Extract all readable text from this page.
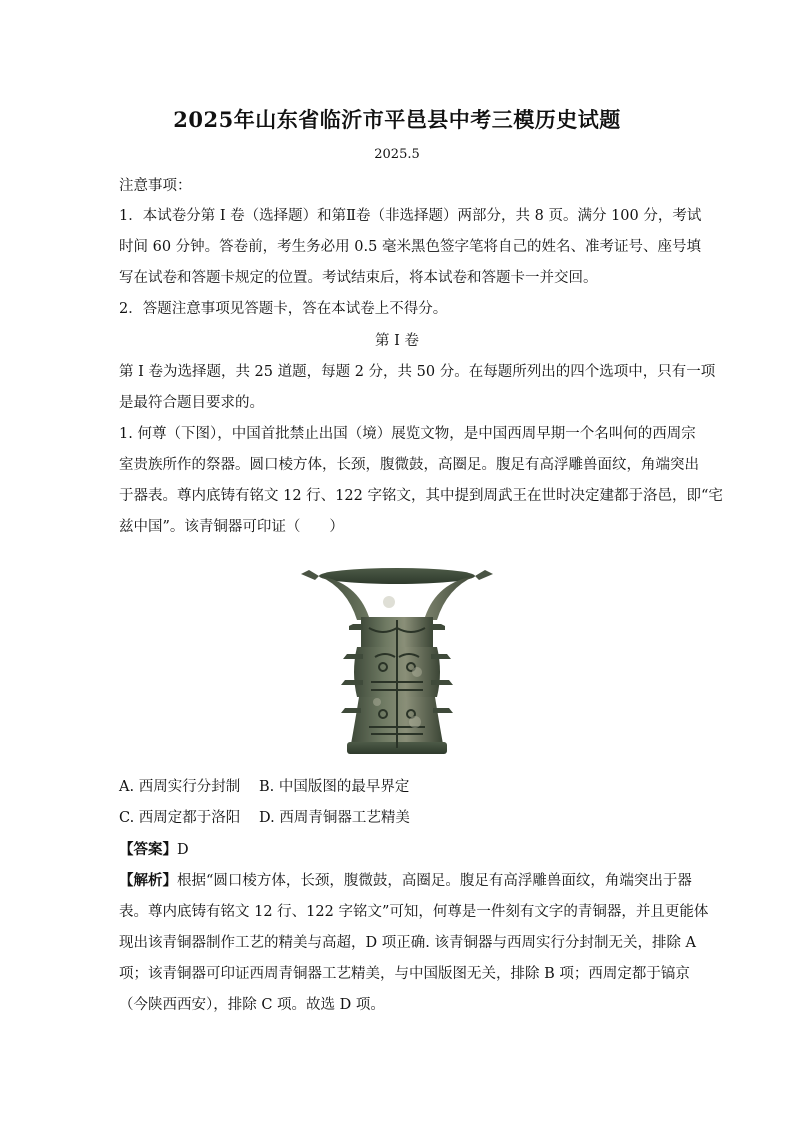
2025年山东省临沂市平邑县中考三模历史试题
2025.5
注意事项：
1．本试卷分第 I 卷（选择题）和第Ⅱ卷（非选择题）两部分，共 8 页。满分 100 分，考试
时间 60 分钟。答卷前，考生务必用 0.5 毫米黑色签字笔将自己的姓名、准考证号、座号填
写在试卷和答题卡规定的位置。考试结束后，将本试卷和答题卡一并交回。
2．答题注意事项见答题卡，答在本试卷上不得分。
第 I 卷
第 I 卷为选择题，共 25 道题，每题 2 分，共 50 分。在每题所列出的四个选项中，只有一项
是最符合题目要求的。
1. 何尊（下图），中国首批禁止出国（境）展览文物，是中国西周早期一个名叫何的西周宗
室贵族所作的祭器。圆口棱方体，长颈，腹微鼓，高圈足。腹足有高浮雕兽面纹，角端突出
于器表。尊内底铸有铭文 12 行、122 字铭文，其中提到周武王在世时决定建都于洛邑，即“宅
兹中国”。该青铜器可印证（　　）
A. 西周实行分封制 B. 中国版图的最早界定
C. 西周定都于洛阳 D. 西周青铜器工艺精美
【答案】D
【解析】根据“圆口棱方体，长颈，腹微鼓，高圈足。腹足有高浮雕兽面纹，角端突出于器
表。尊内底铸有铭文 12 行、122 字铭文”可知，何尊是一件刻有文字的青铜器，并且更能体
现出该青铜器制作工艺的精美与高超，D 项正确. 该青铜器与西周实行分封制无关，排除 A
项；该青铜器可印证西周青铜器工艺精美，与中国版图无关，排除 B 项；西周定都于镐京
（今陕西西安），排除 C 项。故选 D 项。
